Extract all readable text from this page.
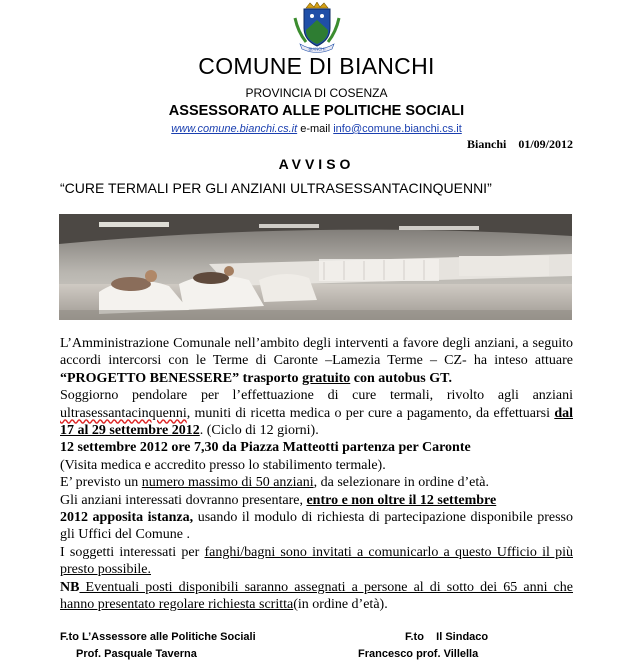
BIANCHI
COMUNE DI BIANCHI
PROVINCIA DI COSENZA
ASSESSORATO ALLE POLITICHE SOCIALI
www.comune.bianchi.cs.it e-mail info@comune.bianchi.cs.it
Bianchi    01/09/2012
AVVISO
“CURE TERMALI PER GLI ANZIANI ULTRASESSANTACINQUENNI”

L’Amministrazione Comunale nell’ambito degli interventi a favore degli anziani, a seguito accordi intercorsi con le Terme di Caronte –Lamezia Terme – CZ- ha inteso attuare “PROGETTO BENESSERE” trasporto gratuito con autobus GT.

Soggiorno pendolare per l’effettuazione di cure termali, rivolto agli anziani ultrasessantacinquenni, muniti di ricetta medica o per cure a pagamento, da effettuarsi dal 17 al 29 settembre 2012. (Ciclo di 12 giorni).

12 settembre 2012 ore 7,30 da Piazza Matteotti partenza per Caronte

(Visita medica e accredito presso lo stabilimento termale).

E’ previsto un numero massimo di 50 anziani, da selezionare in ordine d’età.

Gli anziani interessati dovranno presentare, entro e non oltre il 12 settembre
2012 apposita istanza, usando il modulo di richiesta di partecipazione disponibile presso gli Uffici del Comune .

I soggetti interessati per fanghi/bagni sono invitati a comunicarlo a questo Ufficio il più presto possibile.

NB Eventuali posti disponibili saranno assegnati a persone al di sotto dei 65 anni che hanno presentato regolare richiesta scritta(in ordine d’età).

F.to L’Assessore alle Politiche Sociali
Prof. Pasquale Taverna
F.to    Il Sindaco
Francesco prof. Villella
